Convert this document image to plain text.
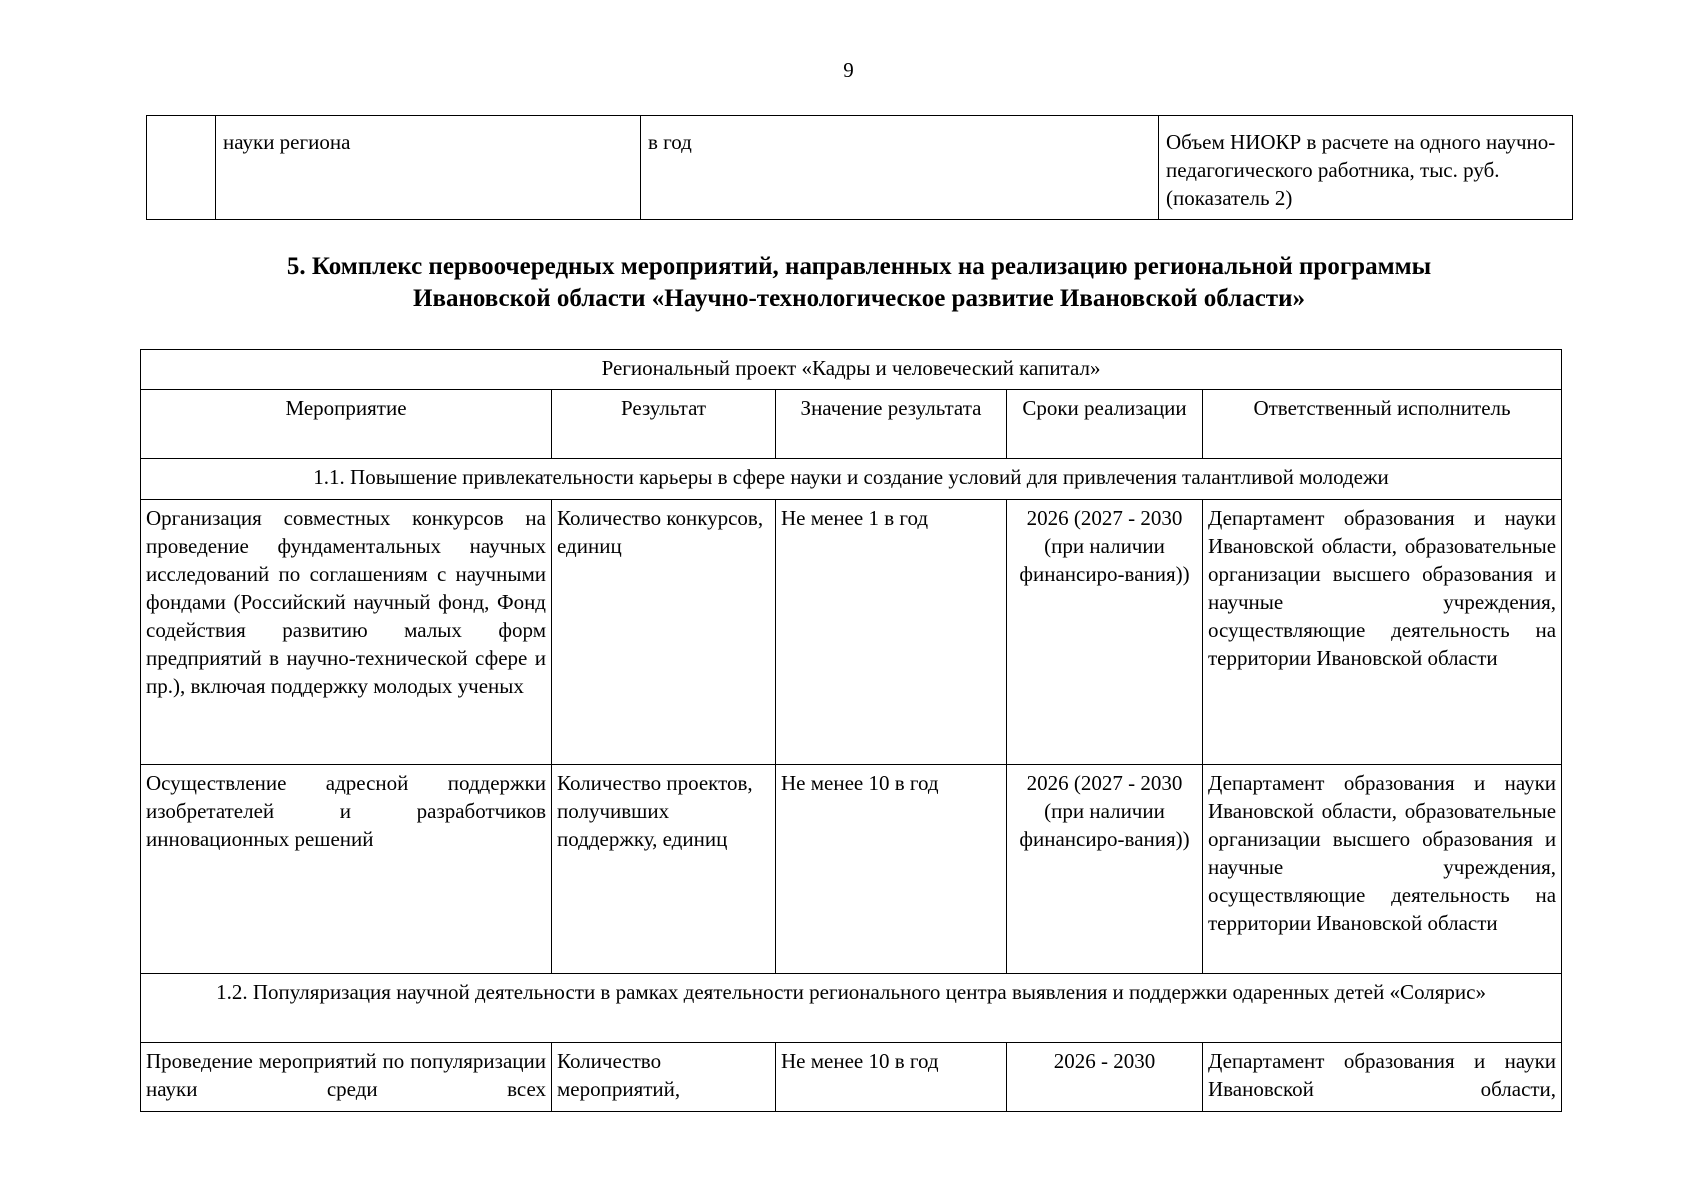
9
	науки региона	в год	Объем НИОКР в расчете на одного научно-педагогического работника, тыс. руб. (показатель 2)
5. Комплекс первоочередных мероприятий, направленных на реализацию региональной программы
Ивановской области «Научно-технологическое развитие Ивановской области»
Региональный проект «Кадры и человеческий капитал»				
Мероприятие	Результат	Значение результата	Сроки реализации	Ответственный исполнитель
1.1. Повышение привлекательности карьеры в сфере науки и создание условий для привлечения талантливой молодежи				
Организация совместных конкурсов на проведение фундаментальных научных исследований по соглашениям с научными фондами (Российский научный фонд, Фонд содействия развитию малых форм предприятий в научно-технической сфере и пр.), включая поддержку молодых ученых	Количество конкурсов, единиц	Не менее 1 в год	2026 (2027 - 2030 (при наличии финансиро-вания))	Департамент образования и науки Ивановской области, образовательные организации высшего образования и научные учреждения, осуществляющие деятельность на территории Ивановской области
Осуществление адресной поддержки изобретателей и разработчиков инновационных решений	Количество проектов, получивших поддержку, единиц	Не менее 10 в год	2026 (2027 - 2030 (при наличии финансиро-вания))	Департамент образования и науки Ивановской области, образовательные организации высшего образования и научные учреждения, осуществляющие деятельность на территории Ивановской области
1.2. Популяризация научной деятельности в рамках деятельности регионального центра выявления и поддержки одаренных детей «Солярис»				
Проведение мероприятий по популяризации науки среди всех	Количество мероприятий,	Не менее 10 в год	2026 - 2030	Департамент образования и науки Ивановской области,
